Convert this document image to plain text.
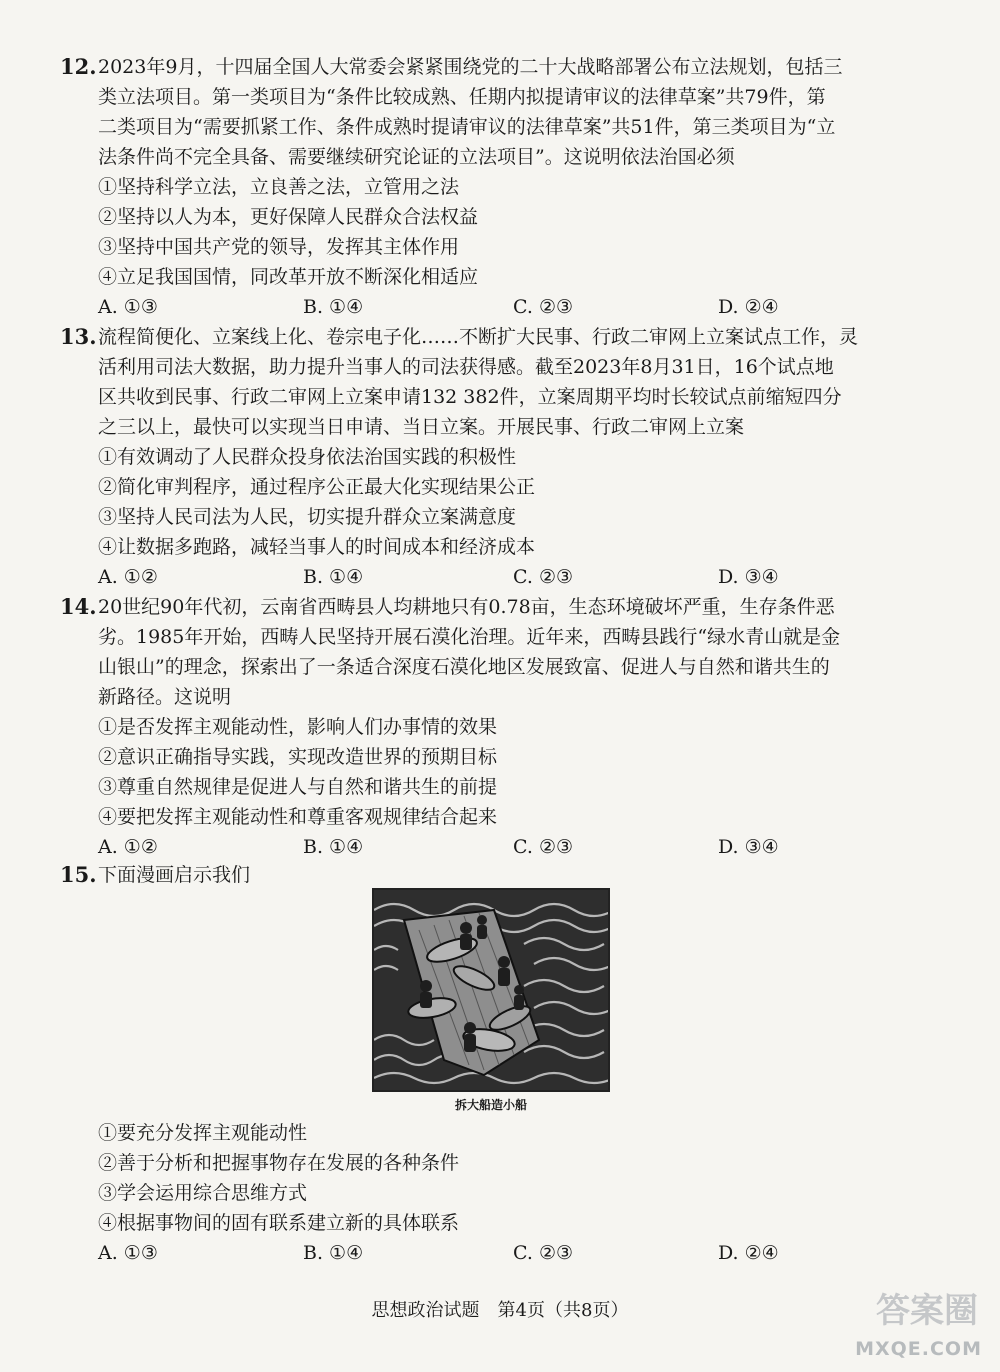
12. 2023年9月，十四届全国人大常委会紧紧围绕党的二十大战略部署公布立法规划，包括三
类立法项目。第一类项目为“条件比较成熟、任期内拟提请审议的法律草案”共79件，第
二类项目为“需要抓紧工作、条件成熟时提请审议的法律草案”共51件，第三类项目为“立
法条件尚不完全具备、需要继续研究论证的立法项目”。这说明依法治国必须
①坚持科学立法，立良善之法，立管用之法
②坚持以人为本，更好保障人民群众合法权益
③坚持中国共产党的领导，发挥其主体作用
④立足我国国情，同改革开放不断深化相适应
A. ①③	B. ①④	C. ②③	D. ②④
13. 流程简便化、立案线上化、卷宗电子化……不断扩大民事、行政二审网上立案试点工作，灵
活利用司法大数据，助力提升当事人的司法获得感。截至2023年8月31日，16个试点地
区共收到民事、行政二审网上立案申请132 382件，立案周期平均时长较试点前缩短四分
之三以上，最快可以实现当日申请、当日立案。开展民事、行政二审网上立案
①有效调动了人民群众投身依法治国实践的积极性
②简化审判程序，通过程序公正最大化实现结果公正
③坚持人民司法为人民，切实提升群众立案满意度
④让数据多跑路，减轻当事人的时间成本和经济成本
A. ①②	B. ①④	C. ②③	D. ③④
14. 20世纪90年代初，云南省西畴县人均耕地只有0.78亩，生态环境破坏严重，生存条件恶
劣。1985年开始，西畴人民坚持开展石漠化治理。近年来，西畴县践行“绿水青山就是金
山银山”的理念，探索出了一条适合深度石漠化地区发展致富、促进人与自然和谐共生的
新路径。这说明
①是否发挥主观能动性，影响人们办事情的效果
②意识正确指导实践，实现改造世界的预期目标
③尊重自然规律是促进人与自然和谐共生的前提
④要把发挥主观能动性和尊重客观规律结合起来
A. ①②	B. ①④	C. ②③	D. ③④
15. 下面漫画启示我们
拆大船造小船
①要充分发挥主观能动性
②善于分析和把握事物存在发展的各种条件
③学会运用综合思维方式
④根据事物间的固有联系建立新的具体联系
A. ①③	B. ①④	C. ②③	D. ②④
思想政治试题　第4页（共8页）	答案圈
MXQE.COM
